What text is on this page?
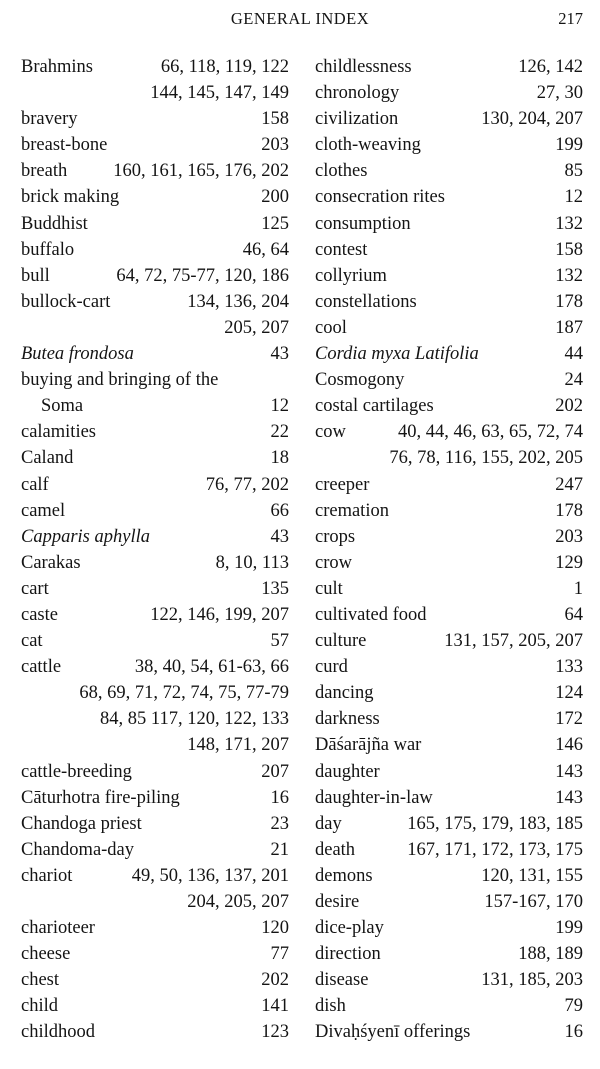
GENERAL INDEX	217
Brahmins	66, 118, 119, 122
144, 145, 147, 149
bravery	158
breast-bone	203
breath 160, 161, 165, 176, 202
brick making	200
Buddhist	125
buffalo	46, 64
bull	64, 72, 75-77, 120, 186
bullock-cart	134, 136, 204
205, 207
Butea frondosa	43
buying and bringing of the
Soma	12
calamities	22
Caland	18
calf	76, 77, 202
camel	66
Capparis aphylla	43
Carakas	8, 10, 113
cart	135
caste	122, 146, 199, 207
cat	57
cattle	38, 40, 54, 61-63, 66
68, 69, 71, 72, 74, 75, 77-79
84, 85 117, 120, 122, 133
148, 171, 207
cattle-breeding	207
Cāturhotra fire-piling	16
Chandoga priest	23
Chandoma-day	21
chariot	49, 50, 136, 137, 201
204, 205, 207
charioteer	120
cheese	77
chest	202
child	141
childhood	123
childlessness	126, 142
chronology	27, 30
civilization	130, 204, 207
cloth-weaving	199
clothes	85
consecration rites	12
consumption	132
contest	158
collyrium	132
constellations	178
cool	187
Cordia myxa Latifolia	44
Cosmogony	24
costal cartilages	202
cow	40, 44, 46, 63, 65, 72, 74
76, 78, 116, 155, 202, 205
creeper	247
cremation	178
crops	203
crow	129
cult	1
cultivated food	64
culture	131, 157, 205, 207
curd	133
dancing	124
darkness	172
Dāśarājña war	146
daughter	143
daughter-in-law	143
day	165, 175, 179, 183, 185
death	167, 171, 172, 173, 175
demons	120, 131, 155
desire	157-167, 170
dice-play	199
direction	188, 189
disease	131, 185, 203
dish	79
Divaḥśyenī offerings	16
